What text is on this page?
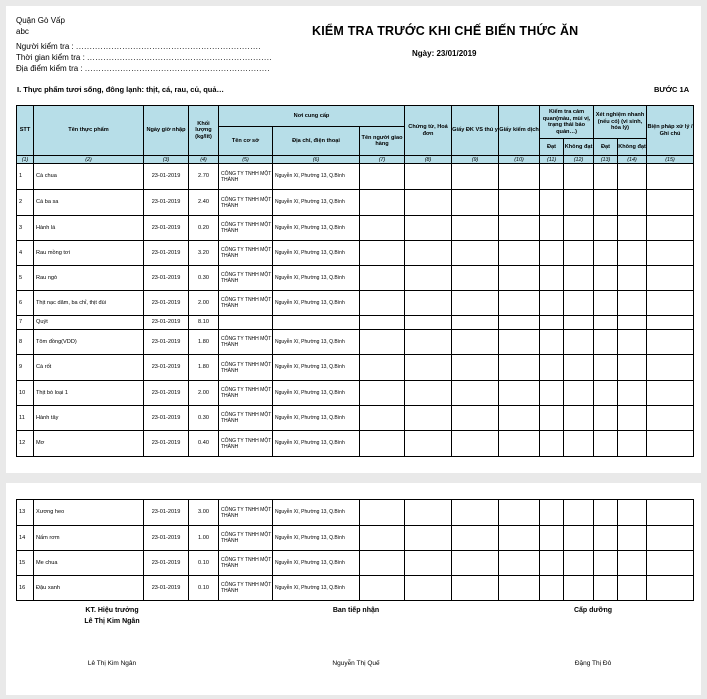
Quận Gò Vấp
abc
Người kiểm tra : ....................................................................
Thời gian kiểm tra : ....................................................................
Địa điểm kiểm tra : ....................................................................
KIỂM TRA TRƯỚC KHI CHẾ BIẾN THỨC ĂN
Ngày: 23/01/2019
I. Thực phẩm tươi sống, đông lạnh: thịt, cá, rau, củ, quả…	BƯỚC 1A
STT	Tên thực phẩm	Ngày giờ nhập	Khối lượng (kg/lít)	Nơi cung cấp			Chứng từ, Hoá đơn	Giấy ĐK VS thú y	Giấy kiểm dịch	Kiểm tra cảm quan(màu, mùi vị, trạng thái bảo quản…)		Xét nghiệm nhanh (nếu có) (vi sinh, hóa lý)		Biện pháp xử lý / Ghi chú
				Tên cơ sở	Địa chỉ, điện thoại	Tên người giao hàng								
										Đạt	Không đạt	Đạt	Không đạt	
(1)	(2)	(3)	(4)	(5)	(6)	(7)	(8)	(9)	(10)	(11)	(12)	(13)	(14)	(15)
1	Cà chua	23-01-2019	2.70	CÔNG TY TNHH MỘT THÀNH	Nguyễn Xí, Phường 13, Q.Bình									
2	Cá ba sa	23-01-2019	2.40	CÔNG TY TNHH MỘT THÀNH	Nguyễn Xí, Phường 13, Q.Bình									
3	Hành lá	23-01-2019	0.20	CÔNG TY TNHH MỘT THÀNH	Nguyễn Xí, Phường 13, Q.Bình									
4	Rau mồng tơi	23-01-2019	3.20	CÔNG TY TNHH MỘT THÀNH	Nguyễn Xí, Phường 13, Q.Bình									
5	Rau ngò	23-01-2019	0.30	CÔNG TY TNHH MỘT THÀNH	Nguyễn Xí, Phường 13, Q.Bình									
6	Thịt nạc dăm, ba chỉ, thịt đùi	23-01-2019	2.00	CÔNG TY TNHH MỘT THÀNH	Nguyễn Xí, Phường 13, Q.Bình									
7	Quýt	23-01-2019	8.10											
8	Tôm đồng(VDD)	23-01-2019	1.80	CÔNG TY TNHH MỘT THÀNH	Nguyễn Xí, Phường 13, Q.Bình									
9	Cà rốt	23-01-2019	1.80	CÔNG TY TNHH MỘT THÀNH	Nguyễn Xí, Phường 13, Q.Bình									
10	Thịt bò loại 1	23-01-2019	2.00	CÔNG TY TNHH MỘT THÀNH	Nguyễn Xí, Phường 13, Q.Bình									
11	Hành tây	23-01-2019	0.30	CÔNG TY TNHH MỘT THÀNH	Nguyễn Xí, Phường 13, Q.Bình									
12	Mơ	23-01-2019	0.40	CÔNG TY TNHH MỘT THÀNH	Nguyễn Xí, Phường 13, Q.Bình									
13	Xương heo	23-01-2019	3.00	CÔNG TY TNHH MỘT THÀNH	Nguyễn Xí, Phường 13, Q.Bình									
14	Nấm rơm	23-01-2019	1.00	CÔNG TY TNHH MỘT THÀNH	Nguyễn Xí, Phường 13, Q.Bình									
15	Me chua	23-01-2019	0.10	CÔNG TY TNHH MỘT THÀNH	Nguyễn Xí, Phường 13, Q.Bình									
16	Đậu xanh	23-01-2019	0.10	CÔNG TY TNHH MỘT THÀNH	Nguyễn Xí, Phường 13, Q.Bình									
KT. Hiệu trưởng
Lê Thị Kim Ngân
Ban tiếp nhận	Cấp dưỡng
Lê Thị Kim Ngân	Nguyễn Thị Quế	Đặng Thị Đô
